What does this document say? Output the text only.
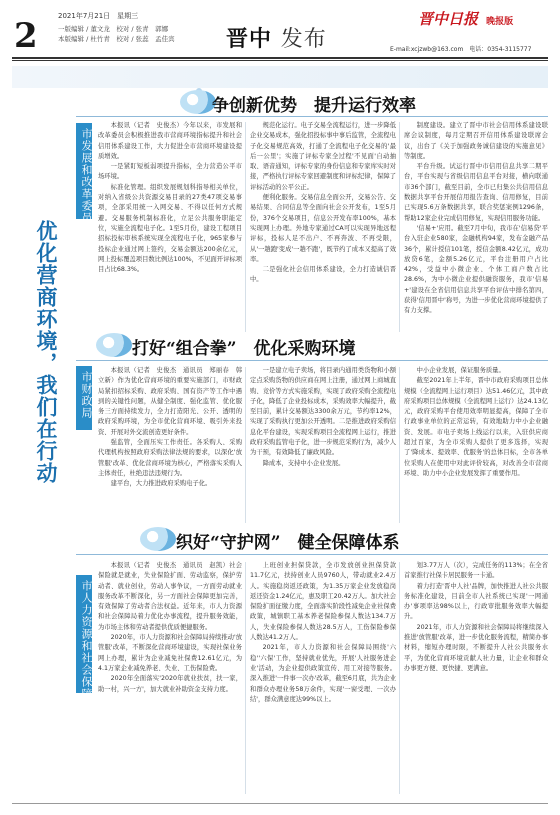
2	2021年7月21日　星期三
一版编辑 / 董文龙　校对 / 张青　郭娜
本版编辑 / 杜竹青　校对 / 张蕊　孟佳宾 晋中 发布
晋中日报 晚报版
E-mail:xcjzwb@163.com　电话：0354-3115777
优化营商环境，我们在行动
争创新优势　提升运行效率
市发展和改革委员会

本报讯（记者　史俊杰）今年以来，市发展和改革委员会积极推进我市营商环境指标提升和社会信用体系建设工作，大力促进全市营商环境建设提质增效。

一是紧盯短板弱项提升指标，全力营造公平市场环境。

标准化管理。组织发展规划科指导相关单位，对纳入省级公共资源交易目录的27类47项交易事项，全部采用统一入网交易、不得以任何方式规避。交易服务机制标准化，立足公共服务职能定位，实施全流程电子化。1至5月份，建设工程项目招标投标审核系统实现全流程电子化，965家参与投标企业通过网上签约，交易金额达200余亿元，网上投标覆盖项目数比例达100%，不见面开评标项目占比68.3%。

规范化运行。电子交易全流程运行，进一步降低企业交易成本，强化招投标事中事后监管，全流程电子化交易规范高效，打通了全流程电子化交易的'最后一公里'；实施了评标专家全过程'不见面'自动抽取、语音通知，评标专家的身份信息和专家库实时对接，严格执行评标专家回避制度和评标纪律，保障了评标活动的公平公正。

便利化服务。交易信息全面公开，交易公告、交易结果、合同信息等全面向社会公开发布，1至5月份，376个交易项目，信息公开发布率100%，基本实现网上办理。外地专家通过CA可以实现异地远程评标，投标人足不出户、不再奔波、不再受限，从'一趟跑'变成'一趟不跑'，既节约了成本又提高了效率。

二是强化社会信用体系建设，全力打造诚信晋中。

制度建设。建立了晋中市社会信用体系建设联席会议制度，每月定期召开信用体系建设联席会议，出台了《关于加强政务诚信建设的实施意见》等制度。

平台升级。试运行晋中市信用信息共享二期平台，平台实现与省级信用信息平台对接，横向联通市36个部门，截至目前，全市已归集公共信用信息数据共享平台开展信用报告查询、信用修复，目前已实现5.6万条数据共享，联合奖惩案例1296条，帮助12家企业完成信用修复，实现信用服务功能。

'信易+'应用。截至7月中旬，我市在'信易贷'平台入驻企业580家，金融机构94家，发布金融产品36个，累计授信101笔，授信金额8.42亿元，成功放贷6笔，金额5.26亿元，平台注册用户占比42%，受益中小微企业、个体工商户数占比28.6%，为中小微企业提供融资服务，我市'信易+'建设在全省信用信息共享平台评估中排名第四，获得'信用晋中'称号，为进一步优化营商环境提供了有力支撑。

打好“组合拳”　优化采购环境
市财政局

本报讯（记者　史俊杰　通讯员　郑丽春　韩立新）作为优化营商环境的重要实施部门，市财政局紧扣招标采购、政府采购、国有资产等工作中遇到的关键性问题，从健全制度、强化监管、优化服务三方面持续发力，全力打造阳光、公开、透明的政府采购环境，为全市优化营商环境、吸引外来投资、开展对外交流创造更好条件。

强监管，全面压实工作责任。各采购人、采购代理机构按照政府采购法律法规的要求，以深化'放管服'改革、优化营商环境为核心，严格落实采购人主体责任，杜绝违法违规行为。

建平台，大力推进政府采购电子化。

一是建立电子卖场，将目录内通用类货物和小额定点采购货物的供应商在网上注册，通过网上商城直购、竞价等方式实施采购，实现了政府采购全流程电子化，降低了企业投标成本，采购效率大幅提升，截至目前，累计交易额达3300余万元，节约率12%，实现了采购执行更加公开透明。二是推进政府采购信息化平台建设，实现采购项目全流程网上运行，推进政府采购监管电子化，进一步规范采购行为，减少人为干预，有效降低了廉政风险。

降成本，支持中小企业发展。

中小企业发展，保证服务质量。

截至2021年上半年，晋中市政府采购项目总体规模（全流程网上运行项目）达51.46亿元，其中政府采购项目总体规模（全流程网上运行）达24.13亿元，政府采购平台使用效率明显提高，保障了全市行政事业单位的正常运转，有效地助力中小企业融资、发展。市电子卖场上线运行以来，入驻供应商超过百家，为全市采购人提供了更多选择，实现了'降成本、提效率、优服务'的总体目标，全市各单位采购人在使用中对此评价较高，对改善全市营商环境、助力中小企业发展发挥了重要作用。

织好“守护网”　健全保障体系
市人力资源和社会保障局

本报讯（记者　史俊杰　通讯员　赵凯）社会保险就是就业，失业保险扩面、劳动监察，保护劳动者、就业创业，劳动人事争议，一方面劳动就业服务改革不断深化，另一方面社会保障更加完善，有效保障了劳动者合法权益。近年来，市人力资源和社会保障局着力优化办事流程，提升服务效能，为市场主体和劳动者提供优质便捷服务。

2020年，市人力资源和社会保障局持续推动'放管服'改革，不断深化营商环境建设，实现社保业务网上办理，累计为企业减免社保费12.61亿元，为4.1万家企业减免养老、失业、工伤保险费。

2020年全面落实'2020年就业扶贫，扶一家，助一村，兴一方'，加大就业补助资金支持力度。

上班创业担保贷款，全市发放创业担保贷款11.7亿元，扶持创业人员9760人，带动就业2.4万人。实施稳岗返还政策，为1.35万家企业发放稳岗返还资金1.24亿元，惠及职工20.42万人。加大社会保险扩面征缴力度，全面落实阶段性减免企业社保费政策，城镇职工基本养老保险参保人数达134.7万人，失业保险参保人数达28.5万人，工伤保险参保人数达41.2万人。

2021年，市人力资源和社会保障局围绕'六稳''六保'工作，坚持就业优先，开展'人社服务进企业'活动，为企业提供政策宣传、用工对接等服务。深入推进'一件事一次办'改革，截至6月底，共为企业和群众办理业务58万余件，实现'一窗受理、一次办结'，群众满意度达99%以上。

划3.77万人（次），完成任务的113%；在全省首家推行社保卡居民服务一卡通。

着力打造'晋中人社'品牌，加快推进人社公共服务标准化建设，目前全市人社系统已实现'一网通办'事项率达98%以上，行政审批服务效率大幅提升。

2021年，市人力资源和社会保障局将继续深入推进'放管服'改革，进一步优化服务流程，精简办事材料，缩短办理时限，不断提升人社公共服务水平，为优化营商环境贡献人社力量，让企业和群众办事更方便、更快捷、更满意。
